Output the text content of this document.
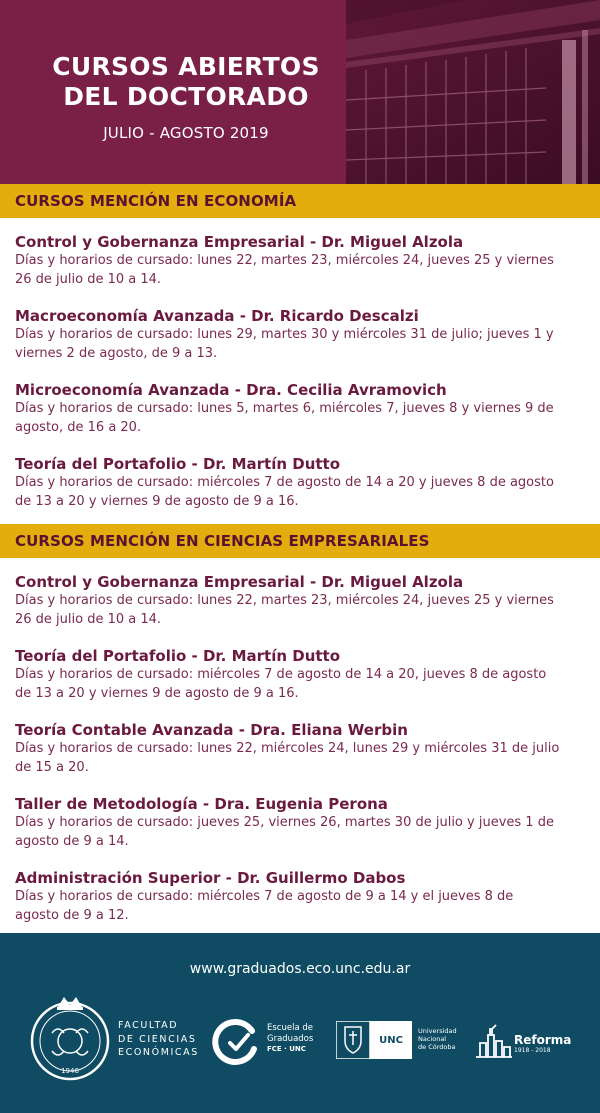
CURSOS ABIERTOS
DEL DOCTORADO
JULIO - AGOSTO 2019
CURSOS MENCIÓN EN ECONOMÍA
Control y Gobernanza Empresarial - Dr. Miguel Alzola
Días y horarios de cursado: lunes 22, martes 23, miércoles 24, jueves 25 y viernes
26 de julio de 10 a 14.
Macroeconomía Avanzada - Dr. Ricardo Descalzi
Días y horarios de cursado: lunes 29, martes 30 y miércoles 31 de julio; jueves 1 y
viernes 2 de agosto, de 9 a 13.
Microeconomía Avanzada - Dra. Cecilia Avramovich
Días y horarios de cursado: lunes 5, martes 6, miércoles 7, jueves 8 y viernes 9 de
agosto, de 16 a 20.
Teoría del Portafolio - Dr. Martín Dutto
Días y horarios de cursado: miércoles 7 de agosto de 14 a 20 y jueves 8 de agosto
de 13 a 20 y viernes 9 de agosto de 9 a 16.
CURSOS MENCIÓN EN CIENCIAS EMPRESARIALES
Control y Gobernanza Empresarial - Dr. Miguel Alzola
Días y horarios de cursado: lunes 22, martes 23, miércoles 24, jueves 25 y viernes
26 de julio de 10 a 14.
Teoría del Portafolio - Dr. Martín Dutto
Días y horarios de cursado: miércoles 7 de agosto de 14 a 20, jueves 8 de agosto
de 13 a 20 y viernes 9 de agosto de 9 a 16.
Teoría Contable Avanzada - Dra. Eliana Werbin
Días y horarios de cursado: lunes 22, miércoles 24, lunes 29 y miércoles 31 de julio
de 15 a 20.
Taller de Metodología - Dra. Eugenia Perona
Días y horarios de cursado: jueves 25, viernes 26, martes 30 de julio y jueves 1 de
agosto de 9 a 14.
Administración Superior - Dr. Guillermo Dabos
Días y horarios de cursado: miércoles 7 de agosto de 9 a 14 y el jueves 8 de
agosto de 9 a 12.
www.graduados.eco.unc.edu.ar
1946
FACULTAD
DE CIENCIAS
ECONÓMICAS
Escuela de
Graduados
FCE · UNC
UNC
Universidad
Nacional
de Córdoba	Reforma
1918 - 2018
